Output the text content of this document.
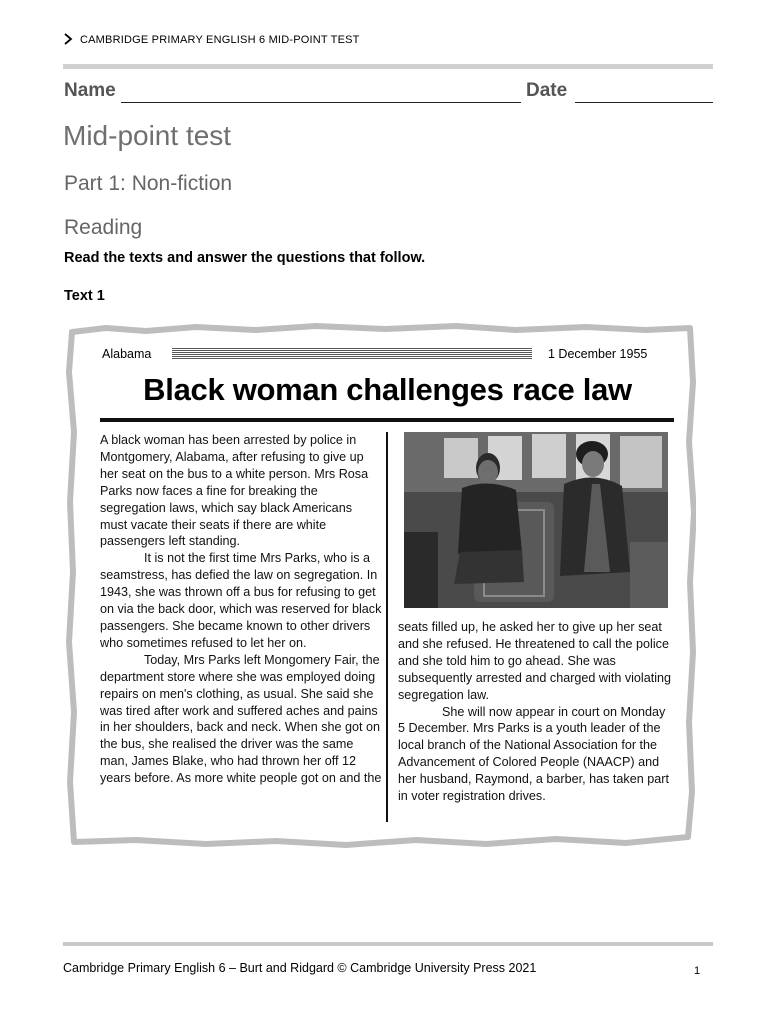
CAMBRIDGE PRIMARY ENGLISH 6 MID-POINT TEST
Name	Date
Mid-point test
Part 1: Non-fiction
Reading
Read the texts and answer the questions that follow.
Text 1
Alabama	1 December 1955
Black woman challenges race law

A black woman has been arrested by police in Montgomery, Alabama, after refusing to give up her seat on the bus to a white person. Mrs Rosa Parks now faces a fine for breaking the segregation laws, which say black Americans must vacate their seats if there are white passengers left standing.

It is not the first time Mrs Parks, who is a seamstress, has defied the law on segregation. In 1943, she was thrown off a bus for refusing to get on via the back door, which was reserved for black passengers. She became known to other drivers who sometimes refused to let her on.

Today, Mrs Parks left Mongomery Fair, the department store where she was employed doing repairs on men's clothing, as usual. She said she was tired after work and suffered aches and pains in her shoulders, back and neck. When she got on the bus, she realised the driver was the same man, James Blake, who had thrown her off 12 years before. As more white people got on and the

seats filled up, he asked her to give up her seat and she refused. He threatened to call the police and she told him to go ahead. She was subsequently arrested and charged with violating segregation law.

She will now appear in court on Monday 5 December. Mrs Parks is a youth leader of the local branch of the National Association for the Advancement of Colored People (NAACP) and her husband, Raymond, a barber, has taken part in voter registration drives.

Cambridge Primary English 6 – Burt and Ridgard © Cambridge University Press 2021	1
